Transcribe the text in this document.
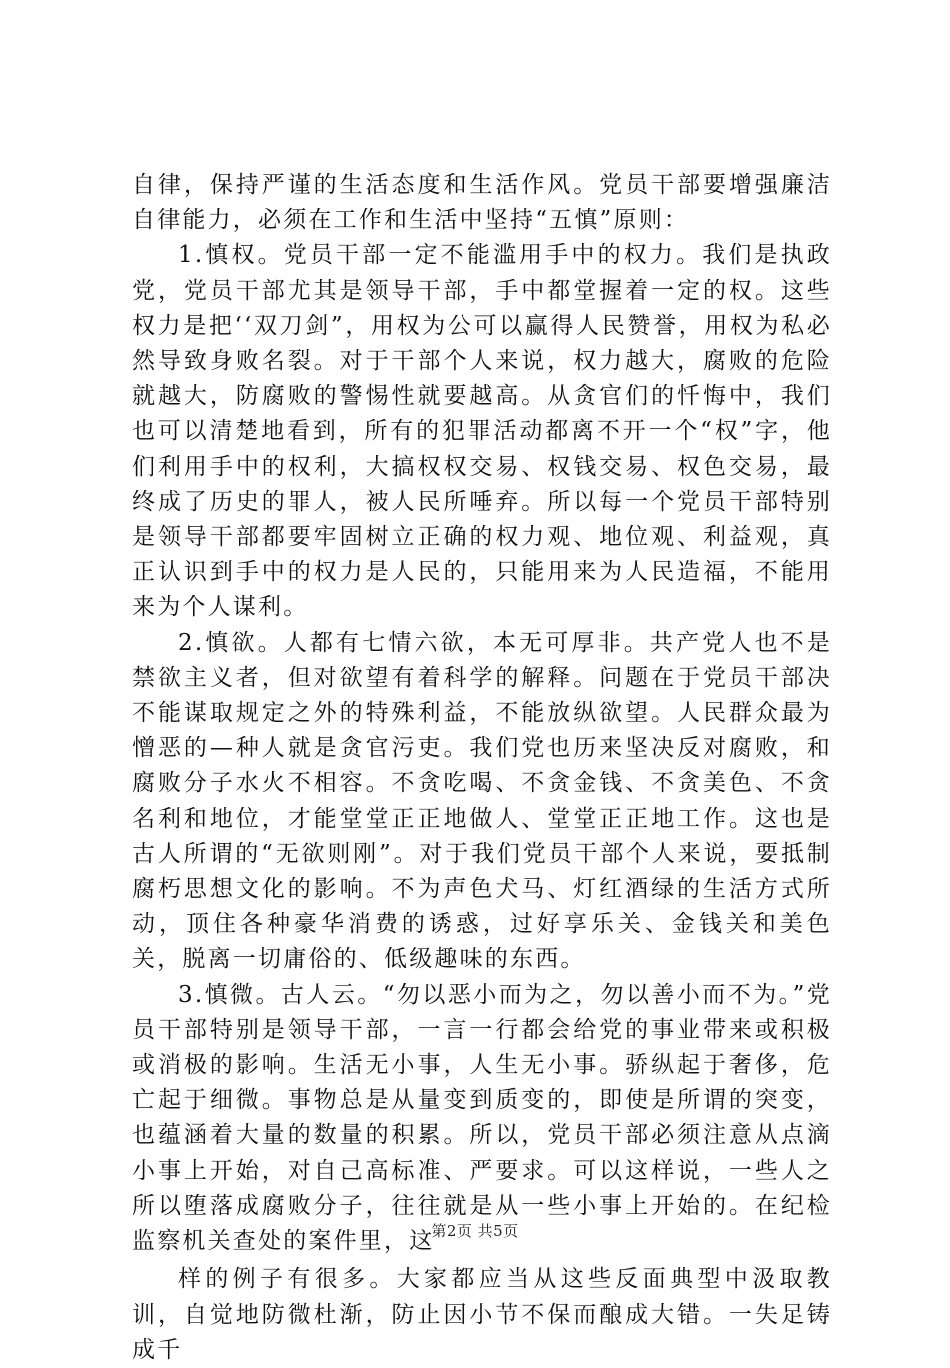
自律，保持严谨的生活态度和生活作风。党员干部要增强廉洁自律能力，必须在工作和生活中坚持“五慎”原则：

1.慎权。党员干部一定不能滥用手中的权力。我们是执政党，党员干部尤其是领导干部，手中都堂握着一定的权。这些权力是把‘‘双刀剑”，用权为公可以赢得人民赞誉，用权为私必然导致身败名裂。对于干部个人来说，权力越大，腐败的危险就越大，防腐败的警惕性就要越高。从贪官们的忏悔中，我们也可以清楚地看到，所有的犯罪活动都离不开一个“权”字，他们利用手中的权利，大搞权权交易、权钱交易、权色交易，最终成了历史的罪人，被人民所唾弃。所以每一个党员干部特别是领导干部都要牢固树立正确的权力观、地位观、利益观，真正认识到手中的权力是人民的，只能用来为人民造福，不能用来为个人谋利。

2.慎欲。人都有七情六欲，本无可厚非。共产党人也不是禁欲主义者，但对欲望有着科学的解释。问题在于党员干部决不能谋取规定之外的特殊利益，不能放纵欲望。人民群众最为憎恶的—种人就是贪官污吏。我们党也历来坚决反对腐败，和腐败分子水火不相容。不贪吃喝、不贪金钱、不贪美色、不贪名利和地位，才能堂堂正正地做人、堂堂正正地工作。这也是古人所谓的“无欲则刚”。对于我们党员干部个人来说，要抵制腐朽思想文化的影响。不为声色犬马、灯红酒绿的生活方式所动，顶住各种豪华消费的诱惑，过好享乐关、金钱关和美色关，脱离一切庸俗的、低级趣味的东西。

3.慎微。古人云。“勿以恶小而为之，勿以善小而不为。”党员干部特别是领导干部，一言一行都会给党的事业带来或积极或消极的影响。生活无小事，人生无小事。骄纵起于奢侈，危亡起于细微。事物总是从量变到质变的，即使是所谓的突变，也蕴涵着大量的数量的积累。所以，党员干部必须注意从点滴小事上开始，对自己高标准、严要求。可以这样说，一些人之所以堕落成腐败分子，往往就是从一些小事上开始的。在纪检监察机关查处的案件里，这

样的例子有很多。大家都应当从这些反面典型中汲取教训，自觉地防微杜渐，防止因小节不保而酿成大错。一失足铸成千

第2页 共5页
